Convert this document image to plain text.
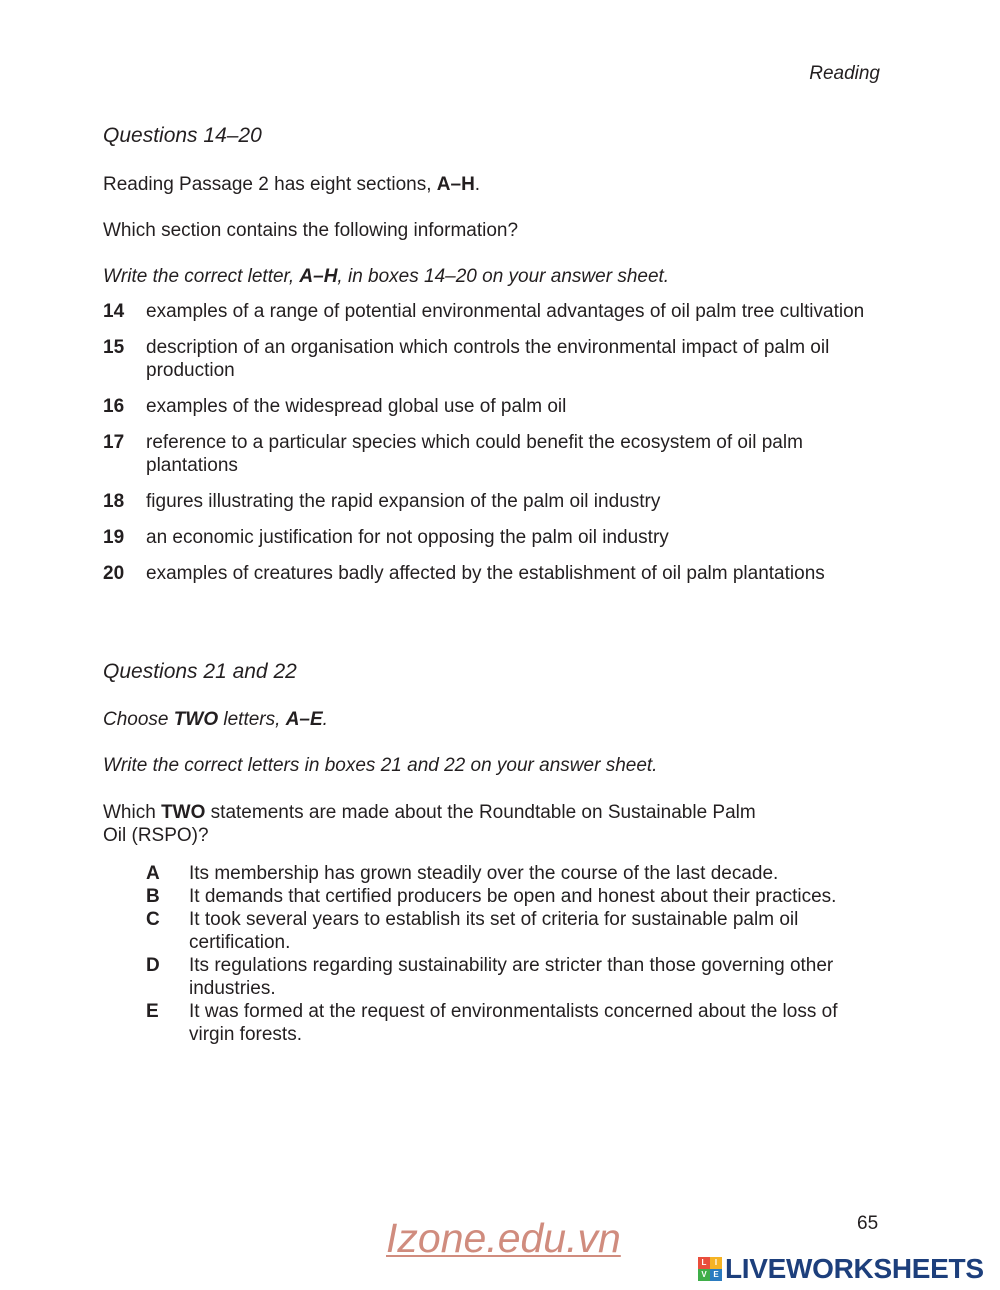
Reading
Questions 14–20
Reading Passage 2 has eight sections, A–H.
Which section contains the following information?
Write the correct letter, A–H, in boxes 14–20 on your answer sheet.
14	examples of a range of potential environmental advantages of oil palm tree cultivation
15	description of an organisation which controls the environmental impact of palm oil production
16	examples of the widespread global use of palm oil
17	reference to a particular species which could benefit the ecosystem of oil palm plantations
18	figures illustrating the rapid expansion of the palm oil industry
19	an economic justification for not opposing the palm oil industry
20	examples of creatures badly affected by the establishment of oil palm plantations
Questions 21 and 22
Choose TWO letters, A–E.
Write the correct letters in boxes 21 and 22 on your answer sheet.
Which TWO statements are made about the Roundtable on Sustainable Palm
Oil (RSPO)?
A	Its membership has grown steadily over the course of the last decade.
B	It demands that certified producers be open and honest about their practices.
C	It took several years to establish its set of criteria for sustainable palm oil certification.
D	Its regulations regarding sustainability are stricter than those governing other industries.
E	It was formed at the request of environmentalists concerned about the loss of virgin forests.
65
Izone.edu.vn
L	I
V E LIVEWORKSHEETS
